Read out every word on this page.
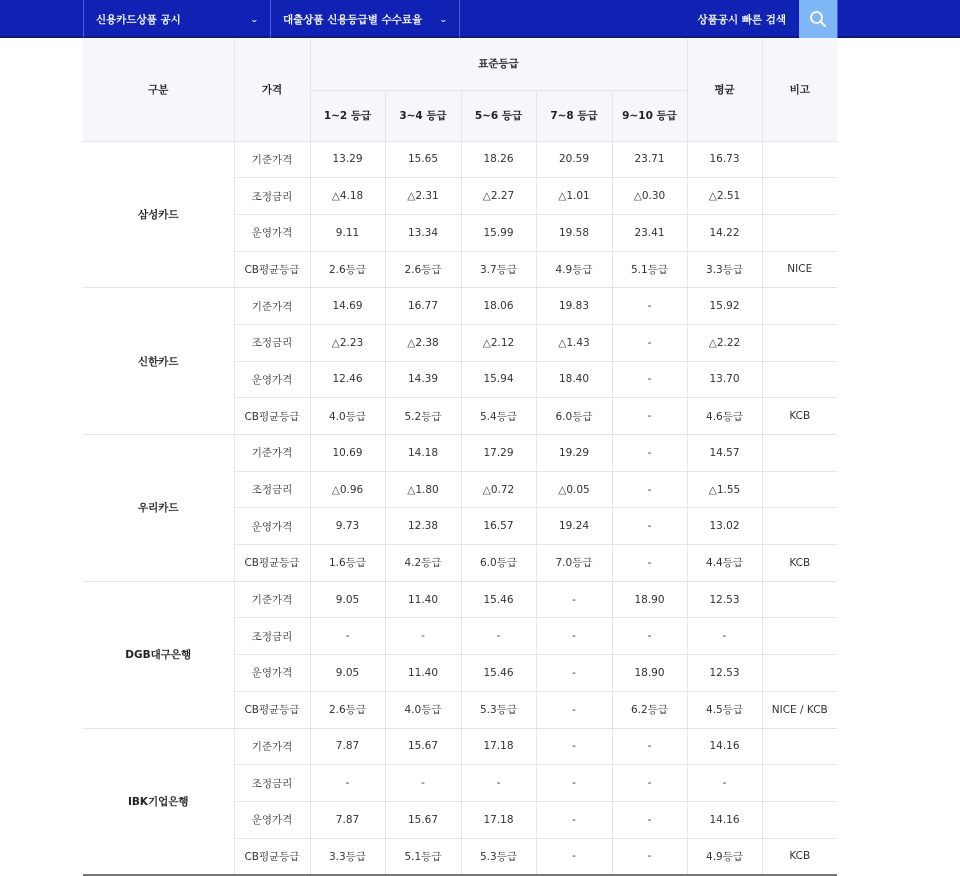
신용카드상품 공시	⌄ 대출상품 신용등급별 수수료율 ⌄	상품공시 빠른 검색
구분	가격	표준등급					평균	비고
		1~2 등급	3~4 등급	5~6 등급	7~8 등급	9~10 등급		
삼성카드	기준가격	13.29	15.65	18.26	20.59	23.71	16.73	
	조정금리	△4.18	△2.31	△2.27	△1.01	△0.30	△2.51	
	운영가격	9.11	13.34	15.99	19.58	23.41	14.22	
	CB평균등급	2.6등급	2.6등급	3.7등급	4.9등급	5.1등급	3.3등급	NICE
신한카드	기준가격	14.69	16.77	18.06	19.83	-	15.92	
	조정금리	△2.23	△2.38	△2.12	△1.43	-	△2.22	
	운영가격	12.46	14.39	15.94	18.40	-	13.70	
	CB평균등급	4.0등급	5.2등급	5.4등급	6.0등급	-	4.6등급	KCB
우리카드	기준가격	10.69	14.18	17.29	19.29	-	14.57	
	조정금리	△0.96	△1.80	△0.72	△0.05	-	△1.55	
	운영가격	9.73	12.38	16.57	19.24	-	13.02	
	CB평균등급	1.6등급	4.2등급	6.0등급	7.0등급	-	4.4등급	KCB
DGB대구은행	기준가격	9.05	11.40	15.46	-	18.90	12.53	
	조정금리	-	-	-	-	-	-	
	운영가격	9.05	11.40	15.46	-	18.90	12.53	
	CB평균등급	2.6등급	4.0등급	5.3등급	-	6.2등급	4.5등급	NICE / KCB
IBK기업은행	기준가격	7.87	15.67	17.18	-	-	14.16	
	조정금리	-	-	-	-	-	-	
	운영가격	7.87	15.67	17.18	-	-	14.16	
	CB평균등급	3.3등급	5.1등급	5.3등급	-	-	4.9등급	KCB
